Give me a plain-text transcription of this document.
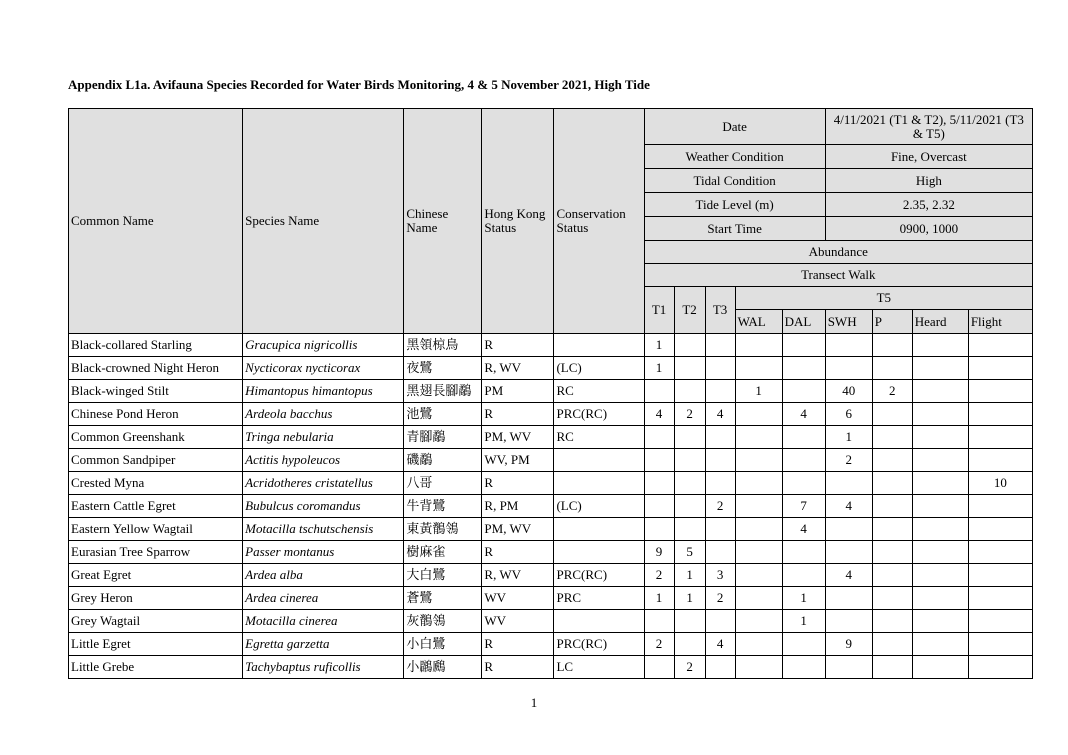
Appendix L1a. Avifauna Species Recorded for Water Birds Monitoring, 4 & 5 November 2021, High Tide
Common Name	Species Name	Chinese Name	Hong Kong Status	Conservation Status	Date					4/11/2021 (T1 & T2), 5/11/2021 (T3 & T5)			
					Weather Condition					Fine, Overcast			
					Tidal Condition					High			
					Tide Level (m)					2.35, 2.32			
					Start Time					0900, 1000			
					Abundance								
					Transect Walk								
					T1	T2	T3	T5					
								WAL	DAL	SWH	P	Heard	Flight
Black-collared Starling	Gracupica nigricollis	黑領椋鳥	R		1								
Black-crowned Night Heron	Nycticorax nycticorax	夜鷺	R, WV	(LC)	1								
Black-winged Stilt	Himantopus himantopus	黑翅長腳鷸	PM	RC				1		40	2		
Chinese Pond Heron	Ardeola bacchus	池鷺	R	PRC(RC)	4	2	4		4	6			
Common Greenshank	Tringa nebularia	青腳鷸	PM, WV	RC						1			
Common Sandpiper	Actitis hypoleucos	磯鷸	WV, PM							2			
Crested Myna	Acridotheres cristatellus	八哥	R										10
Eastern Cattle Egret	Bubulcus coromandus	牛背鷺	R, PM	(LC)			2		7	4			
Eastern Yellow Wagtail	Motacilla tschutschensis	東黃鶺鴒	PM, WV						4				
Eurasian Tree Sparrow	Passer montanus	樹麻雀	R		9	5							
Great Egret	Ardea alba	大白鷺	R, WV	PRC(RC)	2	1	3			4			
Grey Heron	Ardea cinerea	蒼鷺	WV	PRC	1	1	2		1				
Grey Wagtail	Motacilla cinerea	灰鶺鴒	WV						1				
Little Egret	Egretta garzetta	小白鷺	R	PRC(RC)	2		4			9			
Little Grebe	Tachybaptus ruficollis	小鸊鷉	R	LC		2							
1
